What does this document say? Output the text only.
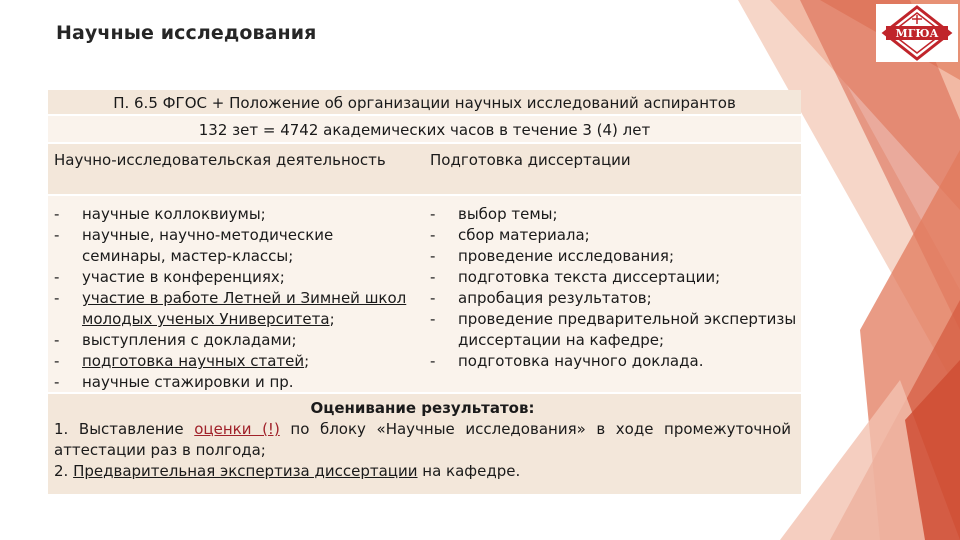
МГЮА
Научные исследования
П. 6.5 ФГОС + Положение об организации научных исследований аспирантов
132 зет = 4742 академических часов в течение 3 (4) лет
Научно-исследовательская деятельность	Подготовка диссертации
- научные коллоквиумы;
- научные, научно-методические семинары, мастер-классы;
- участие в конференциях;
- участие в работе Летней и Зимней школ молодых ученых Университета;
- выступления с докладами;
- подготовка научных статей;
- научные стажировки и пр.
- выбор темы;
- сбор материала;
- проведение исследования;
- подготовка текста диссертации;
- апробация результатов;
- проведение предварительной экспертизы диссертации на кафедре;
- подготовка научного доклада.
Оценивание результатов:
1. Выставление оценки (!) по блоку «Научные исследования» в ходе промежуточной аттестации раз в полгода;
2. Предварительная экспертиза диссертации на кафедре.
